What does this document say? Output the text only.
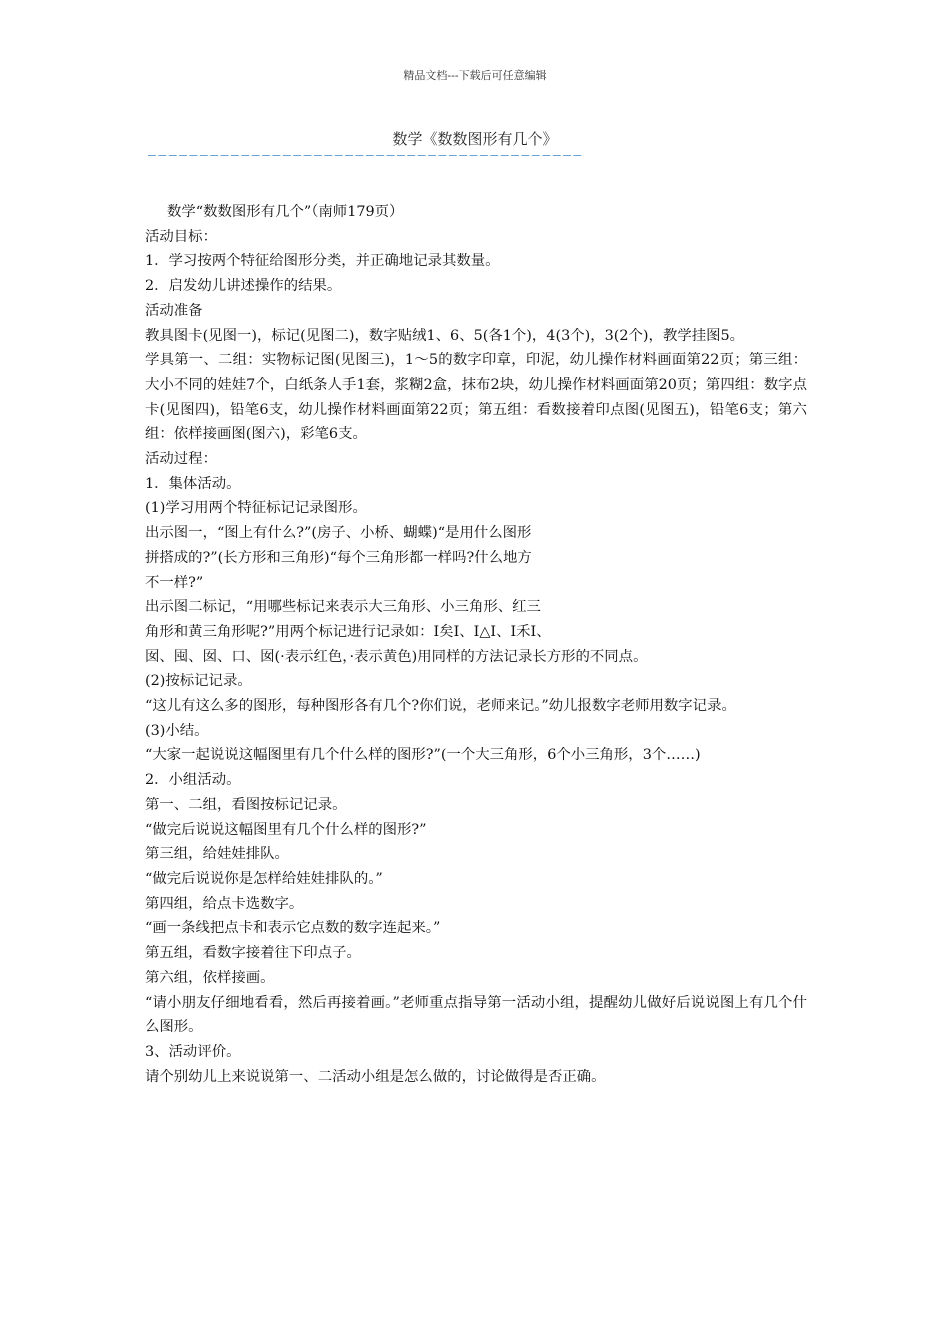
精品文档---下载后可任意编辑
数学《数数图形有几个》
——————————————————————————————————————————

数学“数数图形有几个”（南师179页）

活动目标：

1．学习按两个特征给图形分类，并正确地记录其数量。

2．启发幼儿讲述操作的结果。

活动准备

教具图卡(见图一)，标记(见图二)，数字贴绒1、6、5(各1个)，4(3个)，3(2个)，教学挂图5。

学具第一、二组：实物标记图(见图三)，1～5的数字印章，印泥，幼儿操作材料画面第22页；第三组：大小不同的娃娃7个，白纸条人手1套，浆糊2盒，抹布2块，幼儿操作材料画面第20页；第四组：数字点卡(见图四)，铅笔6支，幼儿操作材料画面第22页；第五组：看数接着印点图(见图五)，铅笔6支；第六组：依样接画图(图六)，彩笔6支。

活动过程：

1．集体活动。

(1)学习用两个特征标记记录图形。

出示图一，“图上有什么?”(房子、小桥、蝴蝶)“是用什么图形

拼搭成的?”(长方形和三角形)“每个三角形都一样吗?什么地方

不一样?”

出示图二标记，“用哪些标记来表示大三角形、小三角形、红三

角形和黄三角形呢?”用两个标记进行记录如：Ⅰ矣Ⅰ、Ⅰ△Ⅰ、Ⅰ禾Ⅰ、

囡、囤、囡、口、囡(·表示红色，·表示黄色)用同样的方法记录长方形的不同点。

(2)按标记记录。

“这儿有这么多的图形，每种图形各有几个?你们说，老师来记。”幼儿报数字老师用数字记录。

(3)小结。

“大家一起说说这幅图里有几个什么样的图形?”(一个大三角形，6个小三角形，3个……)

2．小组活动。

第一、二组，看图按标记记录。

“做完后说说这幅图里有几个什么样的图形?”

第三组，给娃娃排队。

“做完后说说你是怎样给娃娃排队的。”

第四组，给点卡选数字。

“画一条线把点卡和表示它点数的数字连起来。”

第五组，看数字接着往下印点子。

第六组，依样接画。

“请小朋友仔细地看看，然后再接着画。”老师重点指导第一活动小组，提醒幼儿做好后说说图上有几个什么图形。

3、活动评价。

请个别幼儿上来说说第一、二活动小组是怎么做的，讨论做得是否正确。
